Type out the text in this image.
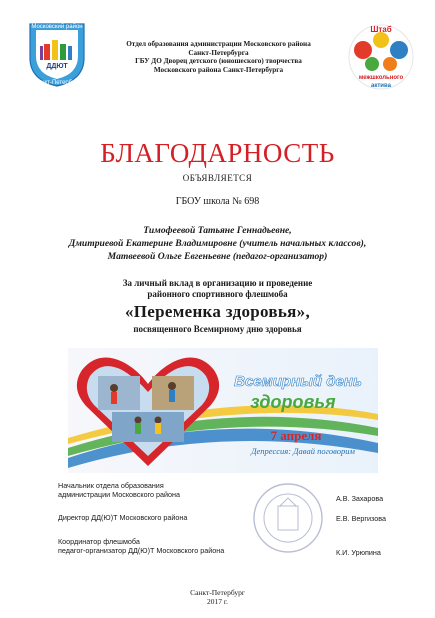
ДДЮТ
Московский район
Санкт-Петербург
Штаб
межшкольного
актива
Отдел образования администрации Московского района
Санкт-Петербурга
ГБУ ДО Дворец детского (юношеского) творчества
Московского района Санкт-Петербурга
БЛАГОДАРНОСТЬ
ОБЪЯВЛЯЕТСЯ
ГБОУ школа № 698
Тимофеевой Татьяне Геннадьевне,
Дмитриевой Екатерине Владимировне (учитель начальных классов),
Матвеевой Ольге Евгеньевне (педагог-организатор)
За личный вклад в организацию и проведение
районного спортивного флешмоба
«Переменка здоровья»,
посвященного Всемирному дню здоровья
Всемирный день
здоровья
7 апреля
Депрессия: Давай поговорим
Начальник отдела образования
администрации Московского района	А.В. Захарова
Директор ДД(Ю)Т Московского района	Е.В. Вергизова
Координатор флешмоба
педагог-организатор ДД(Ю)Т Московского района	К.И. Урюпина
Санкт-Петербург
2017 г.
